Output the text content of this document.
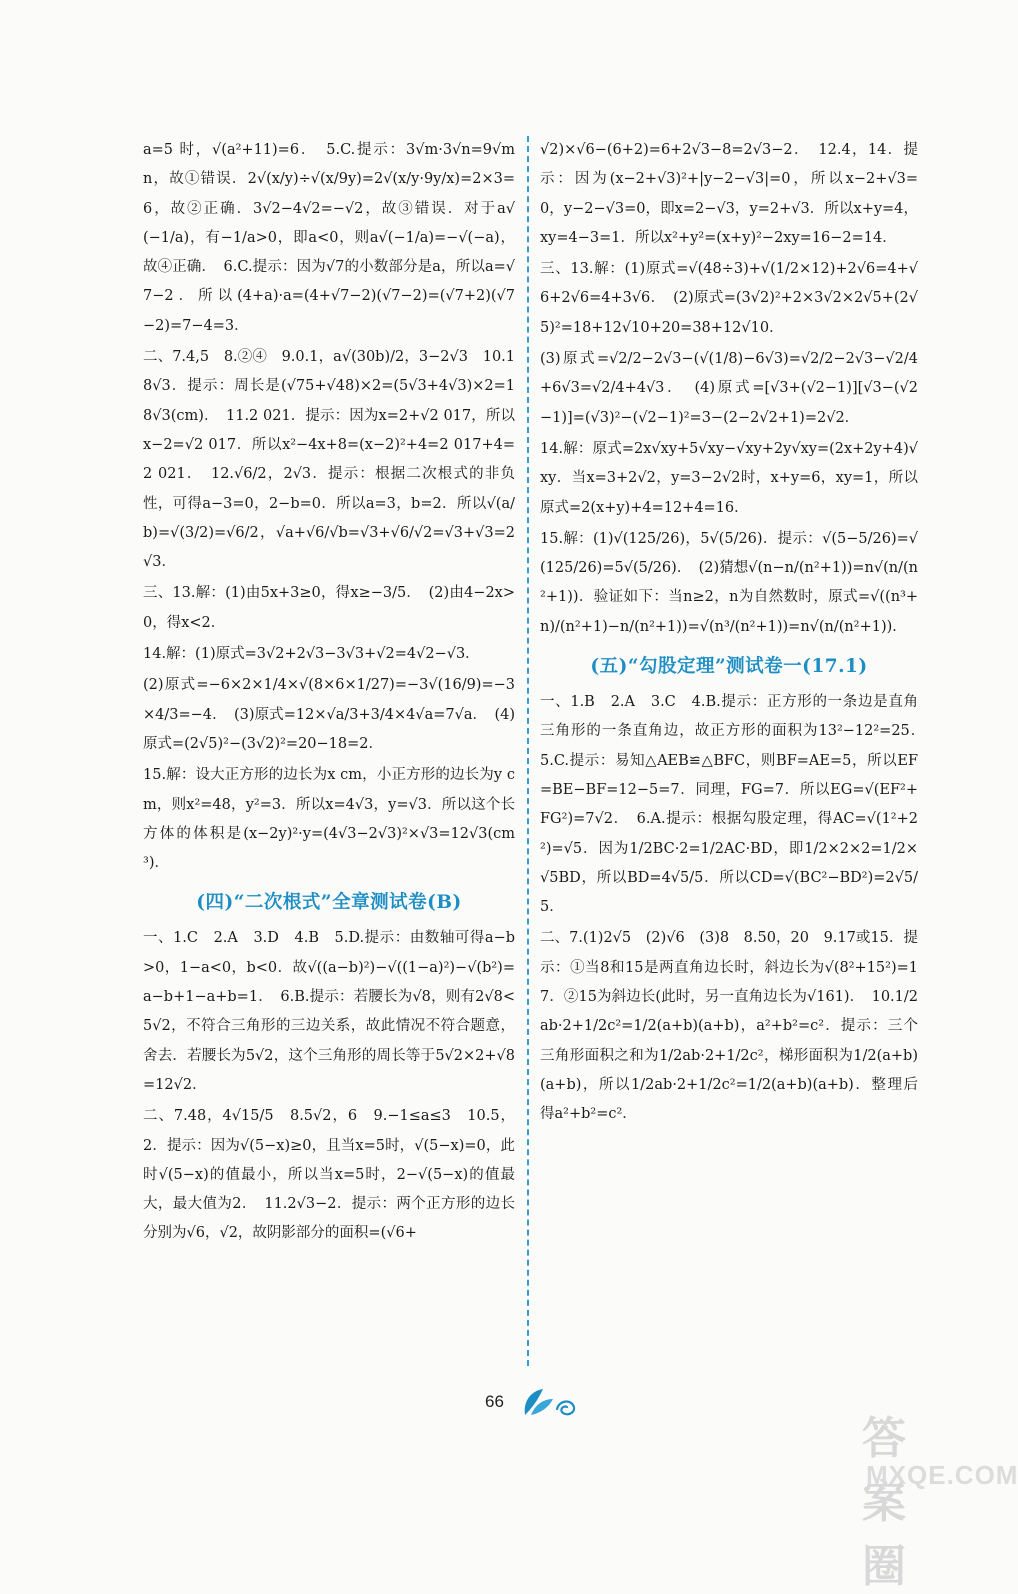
a=5 时，√(a²+11)=6．　5.C.提示：3√m·3√n=9√mn，故①错误．2√(x/y)÷√(x/9y)=2√(x/y·9y/x)=2×3=6，故②正确．3√2−4√2=−√2，故③错误．对于a√(−1/a)，有−1/a>0，即a<0，则a√(−1/a)=−√(−a)，故④正确．　6.C.提示：因为√7的小数部分是a，所以a=√7−2．所以(4+a)·a=(4+√7−2)(√7−2)=(√7+2)(√7−2)=7−4=3．
二、7.4,5　8.②④　9.0.1，a√(30b)/2，3−2√3　10.18√3．提示：周长是(√75+√48)×2=(5√3+4√3)×2=18√3(cm)．　11.2 021．提示：因为x=2+√2 017，所以x−2=√2 017．所以x²−4x+8=(x−2)²+4=2 017+4=2 021．　12.√6/2，2√3．提示：根据二次根式的非负性，可得a−3=0，2−b=0．所以a=3，b=2．所以√(a/b)=√(3/2)=√6/2，√a+√6/√b=√3+√6/√2=√3+√3=2√3．
三、13.解：(1)由5x+3≥0，得x≥−3/5．　(2)由4−2x>0，得x<2．
14.解：(1)原式=3√2+2√3−3√3+√2=4√2−√3．
(2)原式=−6×2×1/4×√(8×6×1/27)=−3√(16/9)=−3×4/3=−4．　(3)原式=12×√a/3+3/4×4√a=7√a．　(4)原式=(2√5)²−(3√2)²=20−18=2．
15.解：设大正方形的边长为x cm，小正方形的边长为y cm，则x²=48，y²=3．所以x=4√3，y=√3．所以这个长方体的体积是(x−2y)²·y=(4√3−2√3)²×√3=12√3(cm³)．
(四)“二次根式”全章测试卷(B)
一、1.C　2.A　3.D　4.B　5.D.提示：由数轴可得a−b>0，1−a<0，b<0．故√((a−b)²)−√((1−a)²)−√(b²)=a−b+1−a+b=1．　6.B.提示：若腰长为√8，则有2√8<5√2，不符合三角形的三边关系，故此情况不符合题意，舍去．若腰长为5√2，这个三角形的周长等于5√2×2+√8=12√2．
二、7.48，4√15/5　8.5√2，6　9.−1≤a≤3　10.5，2．提示：因为√(5−x)≥0，且当x=5时，√(5−x)=0，此时√(5−x)的值最小，所以当x=5时，2−√(5−x)的值最大，最大值为2．　11.2√3−2．提示：两个正方形的边长分别为√6，√2，故阴影部分的面积=(√6+
√2)×√6−(6+2)=6+2√3−8=2√3−2．　12.4，14．提示：因为(x−2+√3)²+|y−2−√3|=0，所以x−2+√3=0，y−2−√3=0，即x=2−√3，y=2+√3．所以x+y=4，xy=4−3=1．所以x²+y²=(x+y)²−2xy=16−2=14．
三、13.解：(1)原式=√(48÷3)+√(1/2×12)+2√6=4+√6+2√6=4+3√6．　(2)原式=(3√2)²+2×3√2×2√5+(2√5)²=18+12√10+20=38+12√10．
(3)原式=√2/2−2√3−(√(1/8)−6√3)=√2/2−2√3−√2/4+6√3=√2/4+4√3．　(4)原式=[√3+(√2−1)][√3−(√2−1)]=(√3)²−(√2−1)²=3−(2−2√2+1)=2√2．
14.解：原式=2x√xy+5√xy−√xy+2y√xy=(2x+2y+4)√xy．当x=3+2√2，y=3−2√2时，x+y=6，xy=1，所以原式=2(x+y)+4=12+4=16．
15.解：(1)√(125/26)，5√(5/26)．提示：√(5−5/26)=√(125/26)=5√(5/26)．　(2)猜想√(n−n/(n²+1))=n√(n/(n²+1))．验证如下：当n≥2，n为自然数时，原式=√((n³+n)/(n²+1)−n/(n²+1))=√(n³/(n²+1))=n√(n/(n²+1))．
(五)“勾股定理”测试卷一(17.1)
一、1.B　2.A　3.C　4.B.提示：正方形的一条边是直角三角形的一条直角边，故正方形的面积为13²−12²=25．　5.C.提示：易知△AEB≌△BFC，则BF=AE=5，所以EF=BE−BF=12−5=7．同理，FG=7．所以EG=√(EF²+FG²)=7√2．　6.A.提示：根据勾股定理，得AC=√(1²+2²)=√5．因为1/2BC·2=1/2AC·BD，即1/2×2×2=1/2×√5BD，所以BD=4√5/5．所以CD=√(BC²−BD²)=2√5/5．
二、7.(1)2√5　(2)√6　(3)8　8.50，20　9.17或15．提示：①当8和15是两直角边长时，斜边长为√(8²+15²)=17．②15为斜边长(此时，另一直角边长为√161)．　10.1/2ab·2+1/2c²=1/2(a+b)(a+b)，a²+b²=c²．提示：三个三角形面积之和为1/2ab·2+1/2c²，梯形面积为1/2(a+b)(a+b)，所以1/2ab·2+1/2c²=1/2(a+b)(a+b)．整理后得a²+b²=c²．
66
答案圈
MXQE.COM
